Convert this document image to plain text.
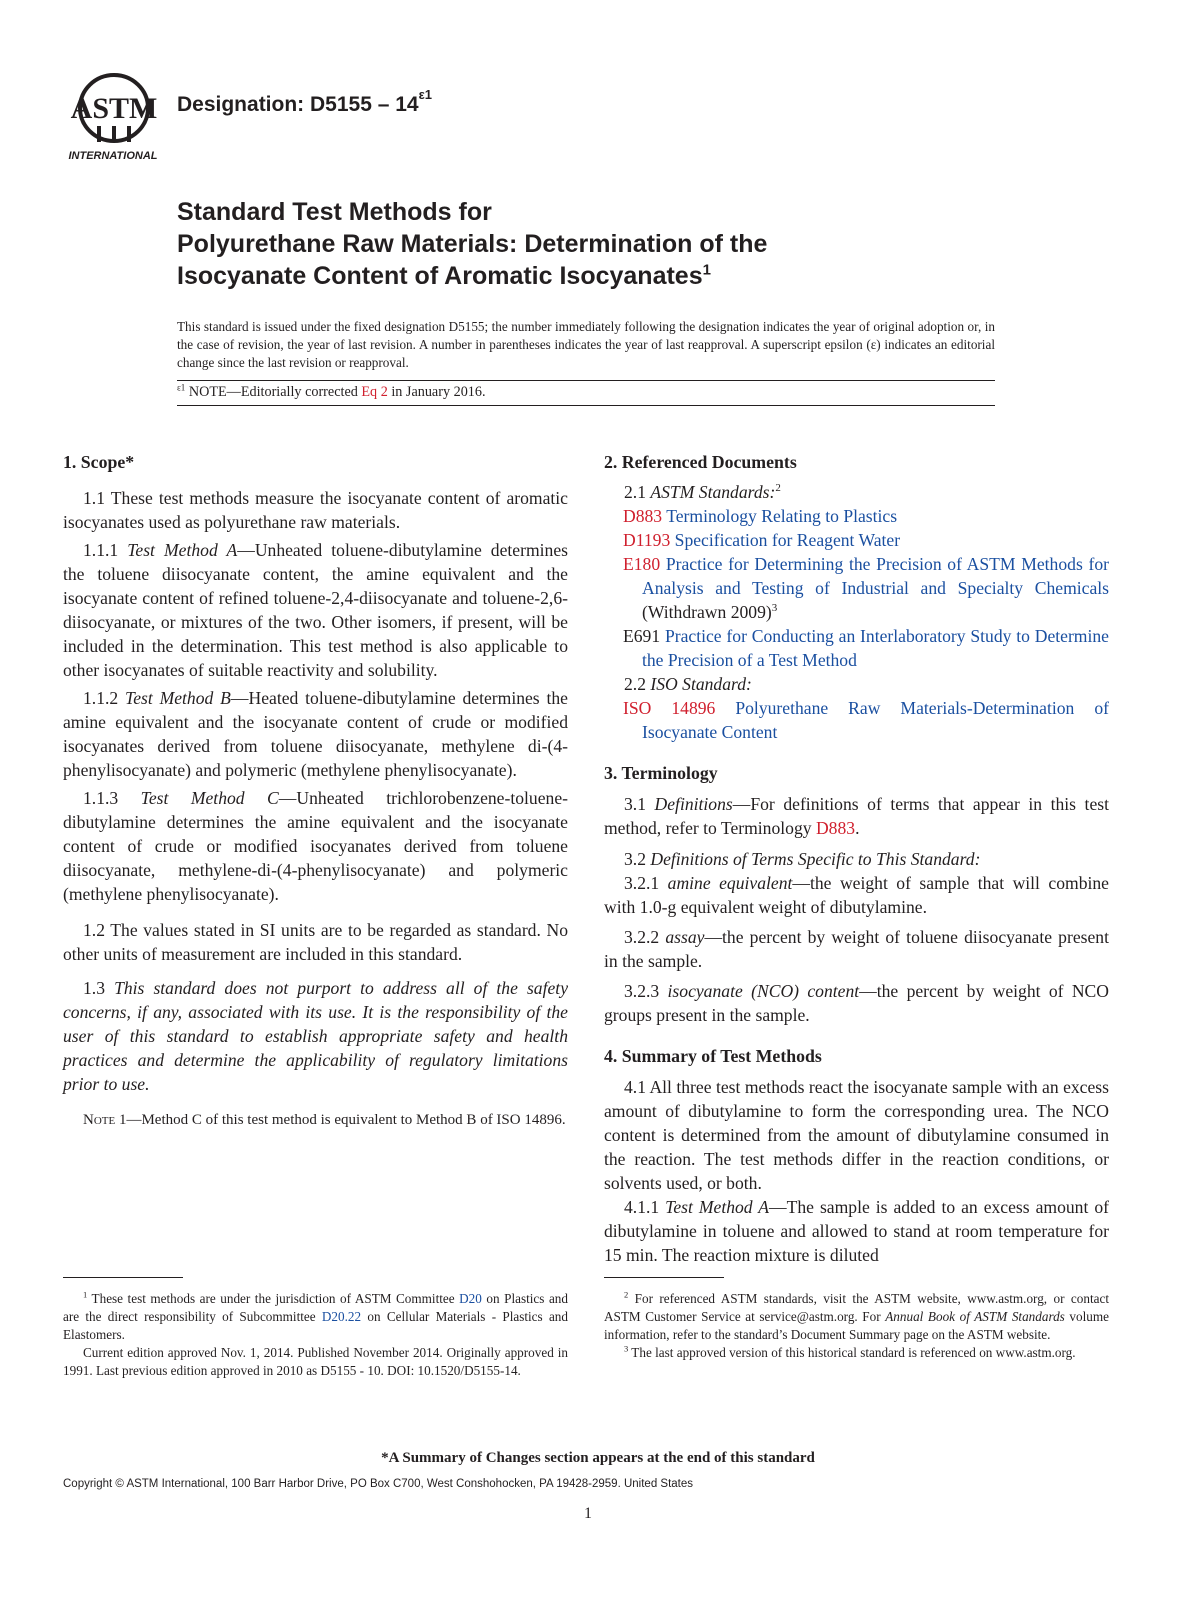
ASTM
INTERNATIONAL
Designation: $D5155 - 14^{\varepsilon 1}$
Standard Test Methods for
Polyurethane Raw Materials: Determination of the
Isocyanate Content of Aromatic Isocyanates$^1$
This standard is issued under the fixed designation D5155; the number immediately following the designation indicates the year of original adoption or, in the case of revision, the year of last revision. A number in parentheses indicates the year of last reapproval. A superscript epsilon (ε) indicates an editorial change since the last revision or reapproval.
$^{\varepsilon 1}$ NOTE—Editorially corrected Eq 2 in January 2016.
1. Scope*

1.1 These test methods measure the isocyanate content of aromatic isocyanates used as polyurethane raw materials.

1.1.1 Test Method A—Unheated toluene-dibutylamine determines the toluene diisocyanate content, the amine equivalent and the isocyanate content of refined toluene-2,4-diisocyanate and toluene-2,6-diisocyanate, or mixtures of the two. Other isomers, if present, will be included in the determination. This test method is also applicable to other isocyanates of suitable reactivity and solubility.

1.1.2 Test Method B—Heated toluene-dibutylamine determines the amine equivalent and the isocyanate content of crude or modified isocyanates derived from toluene diisocyanate, methylene di-(4-phenylisocyanate) and polymeric (methylene phenylisocyanate).

1.1.3 Test Method C—Unheated trichlorobenzene-toluene-dibutylamine determines the amine equivalent and the isocyanate content of crude or modified isocyanates derived from toluene diisocyanate, methylene-di-(4-phenylisocyanate) and polymeric (methylene phenylisocyanate).

1.2 The values stated in SI units are to be regarded as standard. No other units of measurement are included in this standard.

1.3 This standard does not purport to address all of the safety concerns, if any, associated with its use. It is the responsibility of the user of this standard to establish appropriate safety and health practices and determine the applicability of regulatory limitations prior to use.

Note 1—Method C of this test method is equivalent to Method B of ISO 14896.

2. Referenced Documents

2.1 ASTM Standards:$^2$

D883 Terminology Relating to Plastics

D1193 Specification for Reagent Water

E180 Practice for Determining the Precision of ASTM Methods for Analysis and Testing of Industrial and Specialty Chemicals (Withdrawn 2009)$^3$

E691 Practice for Conducting an Interlaboratory Study to Determine the Precision of a Test Method

2.2 ISO Standard:

ISO 14896 Polyurethane Raw Materials-Determination of Isocyanate Content

3. Terminology

3.1 Definitions—For definitions of terms that appear in this test method, refer to Terminology D883.

3.2 Definitions of Terms Specific to This Standard:

3.2.1 amine equivalent—the weight of sample that will combine with 1.0-g equivalent weight of dibutylamine.

3.2.2 assay—the percent by weight of toluene diisocyanate present in the sample.

3.2.3 isocyanate (NCO) content—the percent by weight of NCO groups present in the sample.

4. Summary of Test Methods

4.1 All three test methods react the isocyanate sample with an excess amount of dibutylamine to form the corresponding urea. The NCO content is determined from the amount of dibutylamine consumed in the reaction. The test methods differ in the reaction conditions, or solvents used, or both.

4.1.1 Test Method A—The sample is added to an excess amount of dibutylamine in toluene and allowed to stand at room temperature for 15 min. The reaction mixture is diluted

$^1$ These test methods are under the jurisdiction of ASTM Committee D20 on Plastics and are the direct responsibility of Subcommittee D20.22 on Cellular Materials - Plastics and Elastomers.

Current edition approved Nov. 1, 2014. Published November 2014. Originally approved in 1991. Last previous edition approved in 2010 as D5155 - 10. DOI: 10.1520/D5155-14.

$^2$ For referenced ASTM standards, visit the ASTM website, www.astm.org, or contact ASTM Customer Service at service@astm.org. For Annual Book of ASTM Standards volume information, refer to the standard’s Document Summary page on the ASTM website.

$^3$ The last approved version of this historical standard is referenced on www.astm.org.

*A Summary of Changes section appears at the end of this standard
Copyright © ASTM International, 100 Barr Harbor Drive, PO Box C700, West Conshohocken, PA 19428-2959. United States
1
